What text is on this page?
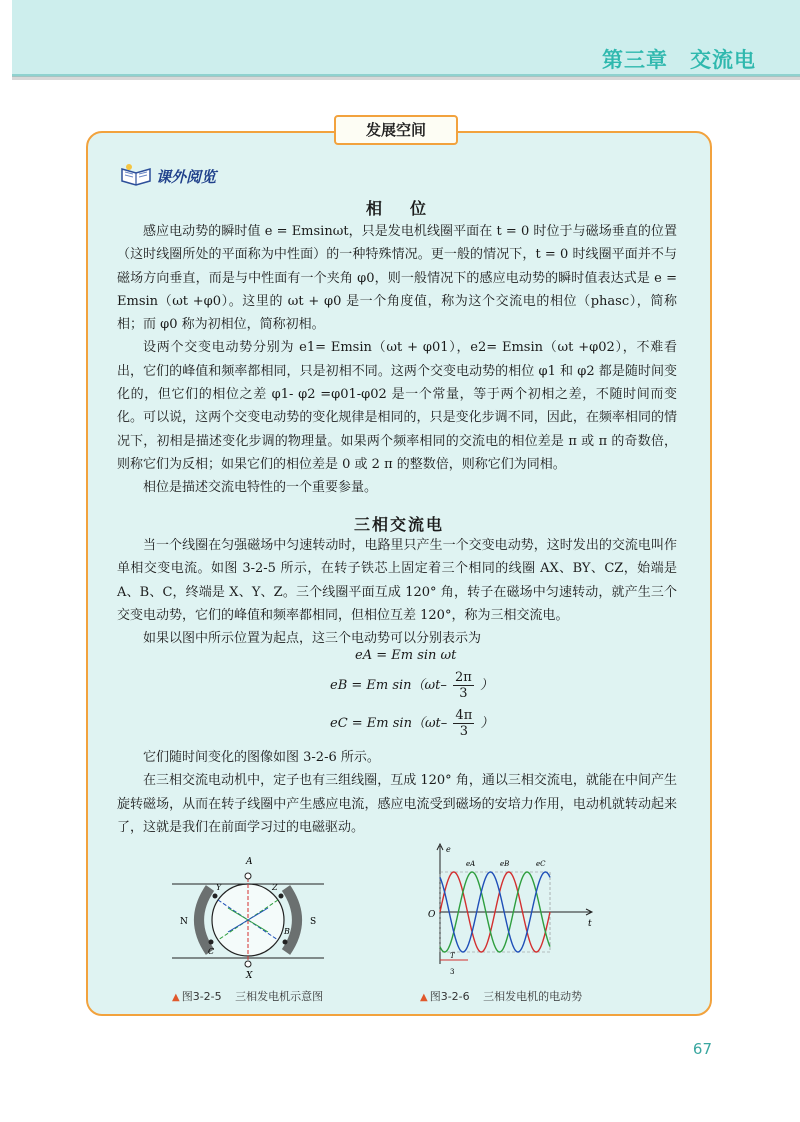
第三章　交流电
发展空间
课外阅览
相　位

感应电动势的瞬时值 e = Emsinωt，只是发电机线圈平面在 t = 0 时位于与磁场垂直的位置（这时线圈所处的平面称为中性面）的一种特殊情况。更一般的情况下，t = 0 时线圈平面并不与磁场方向垂直，而是与中性面有一个夹角 φ0，则一般情况下的感应电动势的瞬时值表达式是 e = Emsin（ωt +φ0）。这里的 ωt + φ0 是一个角度值，称为这个交流电的相位（phasc），简称相；而 φ0 称为初相位，简称初相。

设两个交变电动势分别为 e1= Emsin（ωt + φ01），e2= Emsin（ωt +φ02），不难看出，它们的峰值和频率都相同，只是初相不同。这两个交变电动势的相位 φ1 和 φ2 都是随时间变化的，但它们的相位之差 φ1- φ2 =φ01-φ02 是一个常量，等于两个初相之差，不随时间而变化。可以说，这两个交变电动势的变化规律是相同的，只是变化步调不同，因此，在频率相同的情况下，初相是描述变化步调的物理量。如果两个频率相同的交流电的相位差是 π 或 π 的奇数倍，则称它们为反相；如果它们的相位差是 0 或 2 π 的整数倍，则称它们为同相。

相位是描述交流电特性的一个重要参量。

三相交流电

当一个线圈在匀强磁场中匀速转动时，电路里只产生一个交变电动势，这时发出的交流电叫作单相交变电流。如图 3-2-5 所示，在转子铁芯上固定着三个相同的线圈 AX、BY、CZ，始端是 A、B、C，终端是 X、Y、Z。三个线圈平面互成 120° 角，转子在磁场中匀速转动，就产生三个交变电动势，它们的峰值和频率都相同，但相位互差 120°，称为三相交流电。

如果以图中所示位置为起点，这三个电动势可以分别表示为

eA = Em sin ωt
eB = Em $\sin(\omega t- \frac{2\pi}{3}$ ）
eC = Em $\sin(\omega t- \frac{4\pi}{3}$ ）

它们随时间变化的图像如图 3-2-6 所示。

在三相交流电动机中，定子也有三组线圈，互成 120° 角，通以三相交流电，就能在中间产生旋转磁场，从而在转子线圈中产生感应电流，感应电流受到磁场的安培力作用，电动机就转动起来了，这就是我们在前面学习过的电磁驱动。

A
X
Y	Z
B
C
N	S
▲ 图3-2-5 三相发电机示意图
e
t
O
eA	eB	eC
T
3
▲ 图3-2-6 三相发电机的电动势
67
